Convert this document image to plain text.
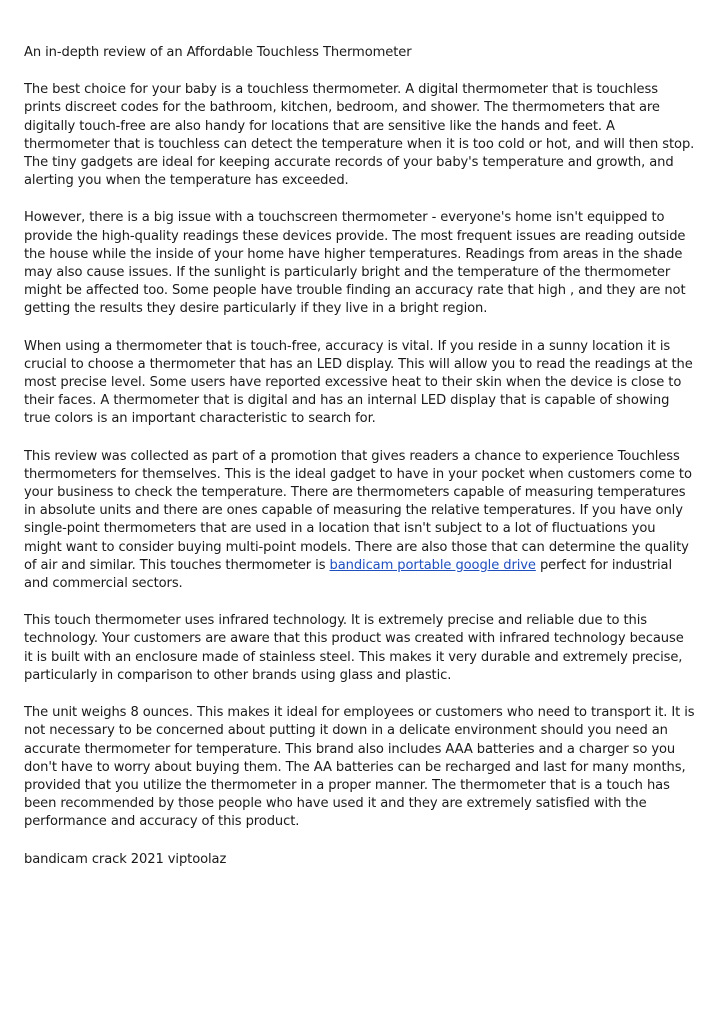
An in-depth review of an Affordable Touchless Thermometer

The best choice for your baby is a touchless thermometer. A digital thermometer that is touchless prints discreet codes for the bathroom, kitchen, bedroom, and shower. The thermometers that are digitally touch-free are also handy for locations that are sensitive like the hands and feet. A thermometer that is touchless can detect the temperature when it is too cold or hot, and will then stop. The tiny gadgets are ideal for keeping accurate records of your baby's temperature and growth, and alerting you when the temperature has exceeded.

However, there is a big issue with a touchscreen thermometer - everyone's home isn't equipped to provide the high-quality readings these devices provide. The most frequent issues are reading outside the house while the inside of your home have higher temperatures. Readings from areas in the shade may also cause issues. If the sunlight is particularly bright and the temperature of the thermometer might be affected too. Some people have trouble finding an accuracy rate that high , and they are not getting the results they desire particularly if they live in a bright region.

When using a thermometer that is touch-free, accuracy is vital. If you reside in a sunny location it is crucial to choose a thermometer that has an LED display. This will allow you to read the readings at the most precise level. Some users have reported excessive heat to their skin when the device is close to their faces. A thermometer that is digital and has an internal LED display that is capable of showing true colors is an important characteristic to search for.

This review was collected as part of a promotion that gives readers a chance to experience Touchless thermometers for themselves. This is the ideal gadget to have in your pocket when customers come to your business to check the temperature. There are thermometers capable of measuring temperatures in absolute units and there are ones capable of measuring the relative temperatures. If you have only single-point thermometers that are used in a location that isn't subject to a lot of fluctuations you might want to consider buying multi-point models. There are also those that can determine the quality of air and similar. This touches thermometer is bandicam portable google drive perfect for industrial and commercial sectors.

This touch thermometer uses infrared technology. It is extremely precise and reliable due to this technology. Your customers are aware that this product was created with infrared technology because it is built with an enclosure made of stainless steel. This makes it very durable and extremely precise, particularly in comparison to other brands using glass and plastic.

The unit weighs 8 ounces. This makes it ideal for employees or customers who need to transport it. It is not necessary to be concerned about putting it down in a delicate environment should you need an accurate thermometer for temperature. This brand also includes AAA batteries and a charger so you don't have to worry about buying them. The AA batteries can be recharged and last for many months, provided that you utilize the thermometer in a proper manner. The thermometer that is a touch has been recommended by those people who have used it and they are extremely satisfied with the performance and accuracy of this product.

bandicam crack 2021 viptoolaz
